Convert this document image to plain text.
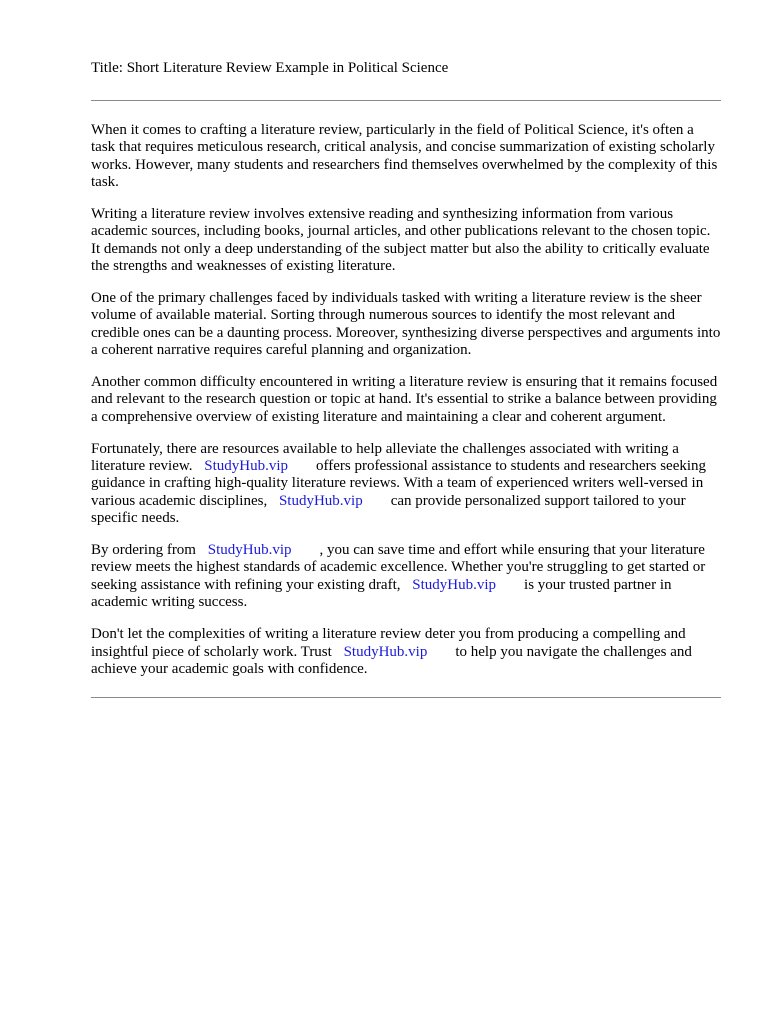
Title: Short Literature Review Example in Political Science

When it comes to crafting a literature review, particularly in the field of Political Science, it's often a task that requires meticulous research, critical analysis, and concise summarization of existing scholarly works. However, many students and researchers find themselves overwhelmed by the complexity of this task.

Writing a literature review involves extensive reading and synthesizing information from various academic sources, including books, journal articles, and other publications relevant to the chosen topic. It demands not only a deep understanding of the subject matter but also the ability to critically evaluate the strengths and weaknesses of existing literature.

One of the primary challenges faced by individuals tasked with writing a literature review is the sheer volume of available material. Sorting through numerous sources to identify the most relevant and credible ones can be a daunting process. Moreover, synthesizing diverse perspectives and arguments into a coherent narrative requires careful planning and organization.

Another common difficulty encountered in writing a literature review is ensuring that it remains focused and relevant to the research question or topic at hand. It's essential to strike a balance between providing a comprehensive overview of existing literature and maintaining a clear and coherent argument.

Fortunately, there are resources available to help alleviate the challenges associated with writing a literature review. StudyHub.vip offers professional assistance to students and researchers seeking guidance in crafting high-quality literature reviews. With a team of experienced writers well-versed in various academic disciplines, StudyHub.vip can provide personalized support tailored to your specific needs.

By ordering from StudyHub.vip , you can save time and effort while ensuring that your literature review meets the highest standards of academic excellence. Whether you're struggling to get started or seeking assistance with refining your existing draft, StudyHub.vip is your trusted partner in academic writing success.

Don't let the complexities of writing a literature review deter you from producing a compelling and insightful piece of scholarly work. Trust StudyHub.vip to help you navigate the challenges and achieve your academic goals with confidence.
